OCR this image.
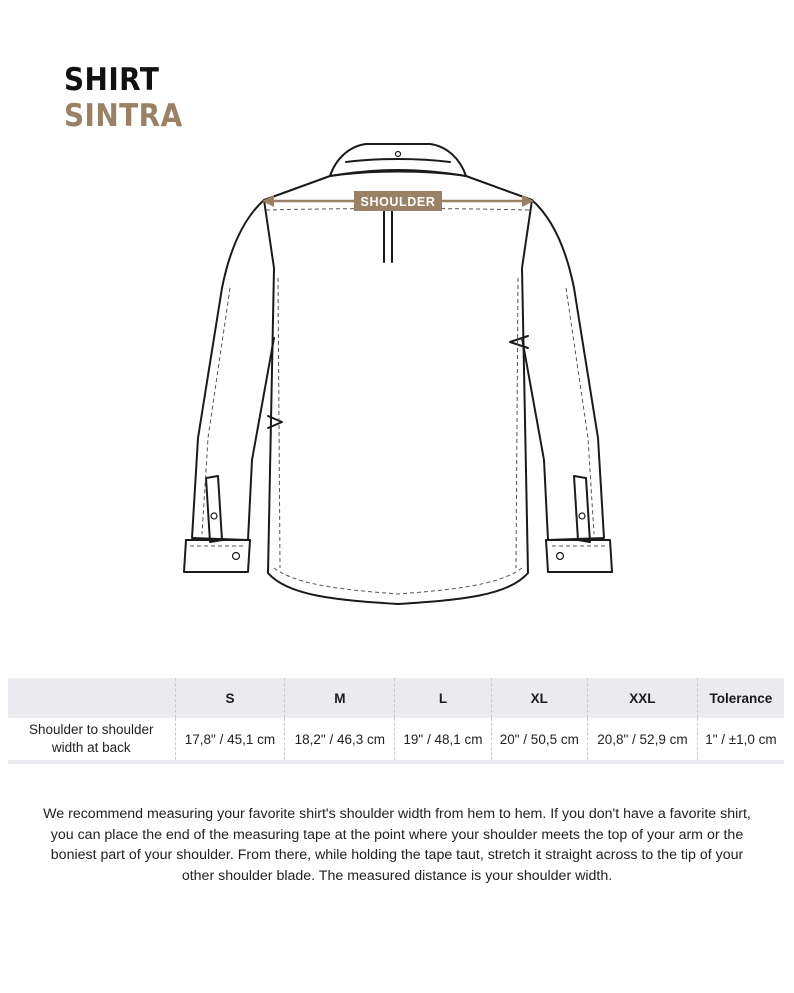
SHIRT
SINTRA
SHOULDER
	S	M	L	XL	XXL	Tolerance
Shoulder to shoulder width at back	17,8" / 45,1 cm	18,2" / 46,3 cm	19" / 48,1 cm	20" / 50,5 cm	20,8" / 52,9 cm	1" / ±1,0 cm

We recommend measuring your favorite shirt's shoulder width from hem to hem. If you don't have a favorite shirt, you can place the end of the measuring tape at the point where your shoulder meets the top of your arm or the boniest part of your shoulder. From there, while holding the tape taut, stretch it straight across to the tip of your other shoulder blade. The measured distance is your shoulder width.
